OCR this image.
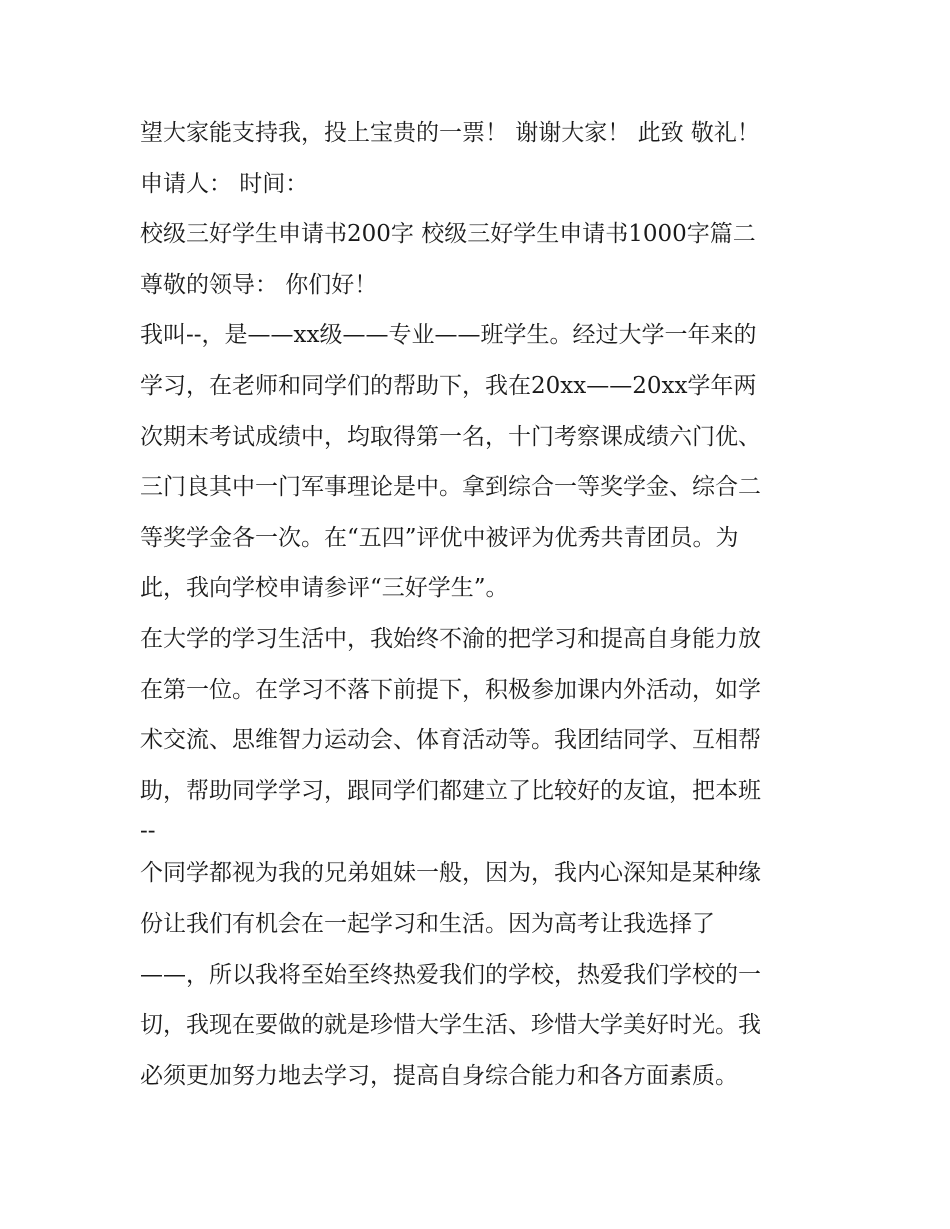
望大家能支持我，投上宝贵的一票！ 谢谢大家！ 此致 敬礼！

申请人： 时间：

校级三好学生申请书200字 校级三好学生申请书1000字篇二

尊敬的领导： 你们好！

我叫--，是——xx级——专业——班学生。经过大学一年来的

学习，在老师和同学们的帮助下，我在20xx——20xx学年两

次期末考试成绩中，均取得第一名，十门考察课成绩六门优、

三门良其中一门军事理论是中。拿到综合一等奖学金、综合二

等奖学金各一次。在“五四”评优中被评为优秀共青团员。为

此，我向学校申请参评“三好学生”。

在大学的学习生活中，我始终不渝的把学习和提高自身能力放

在第一位。在学习不落下前提下，积极参加课内外活动，如学

术交流、思维智力运动会、体育活动等。我团结同学、互相帮

助，帮助同学学习，跟同学们都建立了比较好的友谊，把本班

--

个同学都视为我的兄弟姐妹一般，因为，我内心深知是某种缘

份让我们有机会在一起学习和生活。因为高考让我选择了

——，所以我将至始至终热爱我们的学校，热爱我们学校的一

切，我现在要做的就是珍惜大学生活、珍惜大学美好时光。我

必须更加努力地去学习，提高自身综合能力和各方面素质。
